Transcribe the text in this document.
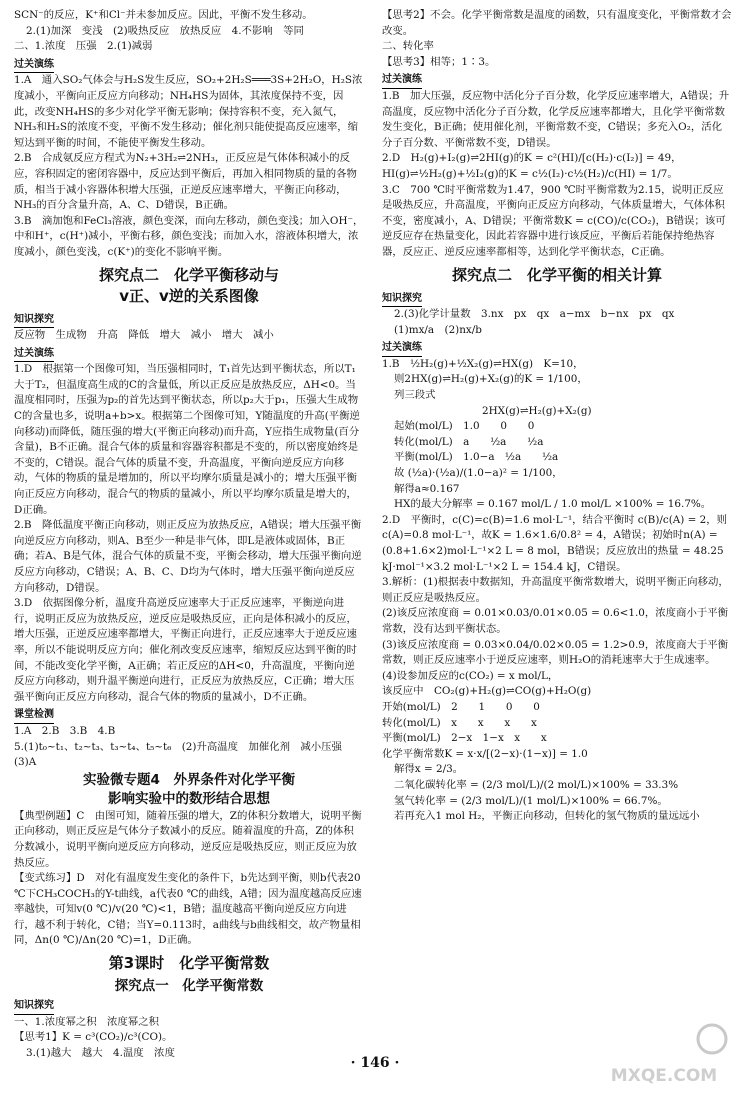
SCN⁻的反应，K⁺和Cl⁻并未参加反应。因此，平衡不发生移动。

2.(1)加深　变浅　(2)吸热反应　放热反应　4.不影响　等同

二、1.浓度　压强　2.(1)减弱

过关演练

1.A　通入SO₂气体会与H₂S发生反应，SO₂+2H₂S═══3S+2H₂O，H₂S浓度减小，平衡向正反应方向移动；NH₄HS为固体，其浓度保持不变，因此，改变NH₄HS的多少对化学平衡无影响；保持容积不变，充入氮气，NH₃和H₂S的浓度不变，平衡不发生移动；催化剂只能使提高反应速率，缩短达到平衡的时间，不能使平衡发生移动。

2.B　合成氨反应方程式为N₂+3H₂⇌2NH₃，正反应是气体体积减小的反应，容积固定的密闭容器中，反应达到平衡后，再加入相同物质的量的各物质，相当于减小容器体积增大压强，正逆反应速率增大，平衡正向移动，NH₃的百分含量升高，A、C、D错误，B正确。

3.B　滴加饱和FeCl₃溶液，颜色变深，而向左移动，颜色变浅；加入OH⁻，中和H⁺，c(H⁺)减小，平衡右移，颜色变浅；而加入水，溶液体积增大，浓度减小，颜色变浅，c(K⁺)的变化不影响平衡。

探究点二　化学平衡移动与
v正、v逆的关系图像
知识探究

反应物　生成物　升高　降低　增大　减小　增大　减小

过关演练

1.D　根据第一个图像可知，当压强相同时，T₁首先达到平衡状态，所以T₁大于T₂，但温度高生成的C的含量低，所以正反应是放热反应，ΔH<0。当温度相同时，压强为p₂的首先达到平衡状态，所以p₂大于p₁，压强大生成物C的含量也多，说明a+b>x。根据第二个图像可知，Y随温度的升高(平衡逆向移动)而降低，随压强的增大(平衡正向移动)而升高，Y应指生成物量(百分含量)，B不正确。混合气体的质量和容器容积都是不变的，所以密度始终是不变的，C错误。混合气体的质量不变，升高温度，平衡向逆反应方向移动，气体的物质的量是增加的，所以平均摩尔质量是减小的；增大压强平衡向正反应方向移动，混合气的物质的量减小，所以平均摩尔质量是增大的，D正确。

2.B　降低温度平衡正向移动，则正反应为放热反应，A错误；增大压强平衡向逆反应方向移动，则A、B至少一种是非气体，即L是液体或固体，B正确；若A、B是气体，混合气体的质量不变，平衡会移动，增大压强平衡向逆反应方向移动，C错误；A、B、C、D均为气体时，增大压强平衡向逆反应方向移动，D错误。

3.D　依据图像分析，温度升高逆反应速率大于正反应速率，平衡逆向进行，说明正反应为放热反应，逆反应是吸热反应，正向是体积减小的反应，增大压强，正逆反应速率都增大，平衡正向进行，正反应速率大于逆反应速率，所以不能说明反应方向；催化剂改变反应速率，缩短反应达到平衡的时间，不能改变化学平衡，A正确；若正反应的ΔH<0，升高温度，平衡向逆反应方向移动，则升温平衡逆向进行，正反应为放热反应，C正确；增大压强平衡向正反应方向移动，混合气体的物质的量减小，D不正确。

课堂检测

1.A　2.B　3.B　4.B

5.(1)t₀~t₁、t₂~t₃、t₃~t₄、t₅~t₆　(2)升高温度　加催化剂　减小压强　(3)A

实验微专题4　外界条件对化学平衡
影响实验中的数形结合思想

【典型例题】C　由图可知，随着压强的增大，Z的体积分数增大，说明平衡正向移动，则正反应是气体分子数减小的反应。随着温度的升高，Z的体积分数减小，说明平衡向逆反应方向移动，逆反应是吸热反应，则正反应为放热反应。

【变式练习】D　对化有温度发生变化的条件下，b先达到平衡，则b代表20 ℃下CH₃COCH₃的Y-t曲线，a代表0 ℃的曲线，A错；因为温度越高反应速率越快，可知v(0 ℃)/v(20 ℃)<1，B错；温度越高平衡向逆反应方向进行，越不利于转化，C错；当Y=0.113时，a曲线与b曲线相交，故产物量相同，Δn(0 ℃)/Δn(20 ℃)=1，D正确。

第3课时　化学平衡常数
探究点一　化学平衡常数
知识探究

一、1.浓度幂之积　浓度幂之积

【思考1】K = c³(CO₂)/c³(CO)。

3.(1)越大　越大　4.温度　浓度

【思考2】不会。化学平衡常数是温度的函数，只有温度变化，平衡常数才会改变。

二、转化率

【思考3】相等；1∶3。

过关演练

1.B　加大压强，反应物中活化分子百分数，化学反应速率增大，A错误；升高温度，反应物中活化分子百分数，化学反应速率都增大，且化学平衡常数发生变化，B正确；使用催化剂，平衡常数不变，C错误；多充入O₂，活化分子百分数、平衡常数不变，D错误。

2.D　H₂(g)+I₂(g)⇌2HI(g)的K = c²(HI)/[c(H₂)·c(I₂)] = 49，HI(g)⇌½H₂(g)+½I₂(g)的K = c½(I₂)·c½(H₂)/c(HI) = 1/7。

3.C　700 ℃时平衡常数为1.47，900 ℃时平衡常数为2.15，说明正反应是吸热反应，升高温度，平衡向正反应方向移动，气体质量增大，气体体积不变，密度减小，A、D错误；平衡常数K = c(CO)/c(CO₂)，B错误；该可逆反应存在热量变化，因此若容器中进行该反应，平衡后若能保持绝热容器，反应正、逆反应速率都相等，达到化学平衡状态，C正确。

探究点二　化学平衡的相关计算
知识探究

2.(3)化学计量数　3.nx　px　qx　a−mx　b−nx　px　qx

(1)mx/a　(2)nx/b

过关演练

1.B　½H₂(g)+½X₂(g)⇌HX(g)　K=10，

则2HX(g)⇌H₂(g)+X₂(g)的K = 1/100，

列三段式

2HX(g)⇌H₂(g)+X₂(g)

起始(mol/L)　1.0　　0　　0

转化(mol/L)　a　　½a　　½a

平衡(mol/L)　1.0−a　½a　　½a

故 (½a)·(½a)/(1.0−a)² = 1/100，

解得a≈0.167

HX的最大分解率 = 0.167 mol/L / 1.0 mol/L ×100% = 16.7%。

2.D　平衡时，c(C)=c(B)=1.6 mol·L⁻¹，结合平衡时 c(B)/c(A) = 2，则c(A)=0.8 mol·L⁻¹，故K = 1.6×1.6/0.8² = 4，A错误；初始时n(A) = (0.8+1.6×2)mol·L⁻¹×2 L = 8 mol，B错误；反应放出的热量 = 48.25 kJ·mol⁻¹×3.2 mol·L⁻¹×2 L = 154.4 kJ，C错误。

3.解析：(1)根据表中数据知，升高温度平衡常数增大，说明平衡正向移动，则正反应是吸热反应。

(2)该反应浓度商 = 0.01×0.03/0.01×0.05 = 0.6<1.0，浓度商小于平衡常数，没有达到平衡状态。

(3)该反应浓度商 = 0.03×0.04/0.02×0.05 = 1.2>0.9，浓度商大于平衡常数，则正反应速率小于逆反应速率，则H₂O的消耗速率大于生成速率。

(4)设参加反应的c(CO₂) = x mol/L，

该反应中　CO₂(g)+H₂(g)⇌CO(g)+H₂O(g)

开始(mol/L)　2　　1　　0　　0

转化(mol/L)　x　　x　　x　　x

平衡(mol/L)　2−x　1−x　x　　x

化学平衡常数K = x·x/[(2−x)·(1−x)] = 1.0

解得x = 2/3。

二氧化碳转化率 = (2/3 mol/L)/(2 mol/L)×100% = 33.3%

氢气转化率 = (2/3 mol/L)/(1 mol/L)×100% = 66.7%。

若再充入1 mol H₂，平衡正向移动，但转化的氢气物质的量远远小

· 146 ·
MXQE.COM
